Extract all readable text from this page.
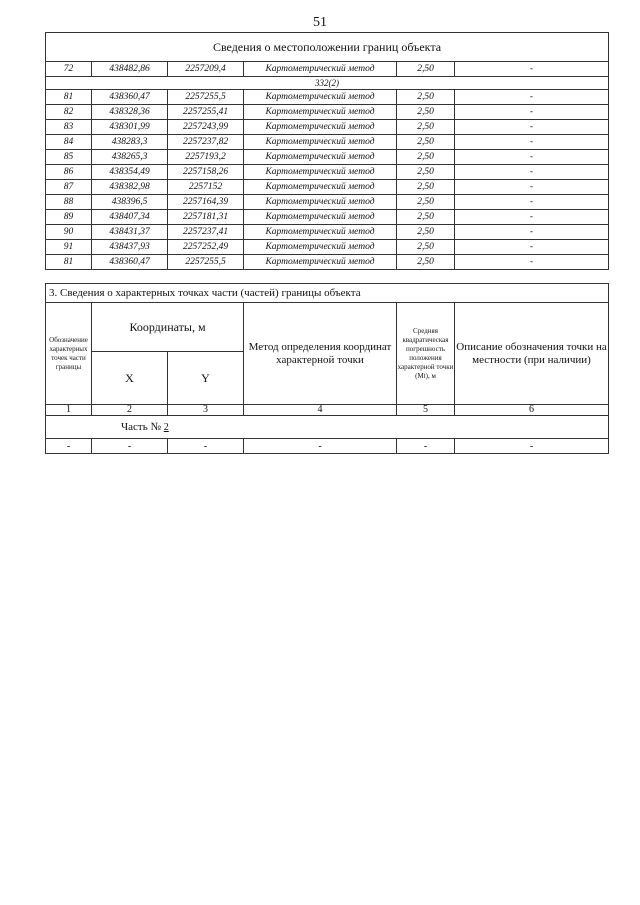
51
Сведения о местоположении границ объекта					
72	438482,86	2257209,4	Картометрический метод	2,50	-
332(2)					
81	438360,47	2257255,5	Картометрический метод	2,50	-
82	438328,36	2257255,41	Картометрический метод	2,50	-
83	438301,99	2257243,99	Картометрический метод	2,50	-
84	438283,3	2257237,82	Картометрический метод	2,50	-
85	438265,3	2257193,2	Картометрический метод	2,50	-
86	438354,49	2257158,26	Картометрический метод	2,50	-
87	438382,98	2257152	Картометрический метод	2,50	-
88	438396,5	2257164,39	Картометрический метод	2,50	-
89	438407,34	2257181,31	Картометрический метод	2,50	-
90	438431,37	2257237,41	Картометрический метод	2,50	-
91	438437,93	2257252,49	Картометрический метод	2,50	-
81	438360,47	2257255,5	Картометрический метод	2,50	-
3. Сведения о характерных точках части (частей) границы объекта					
Обозначение характерных точек части границы	Координаты, м		Метод определения координат характерной точки	Средняя квадратическая погрешность положения характерной точки (Мt), м	Описание обозначения точки на местности (при наличии)
	X	Y			
1	2	3	4	5	6
Часть № 2					
-	-	-	-	-	-
